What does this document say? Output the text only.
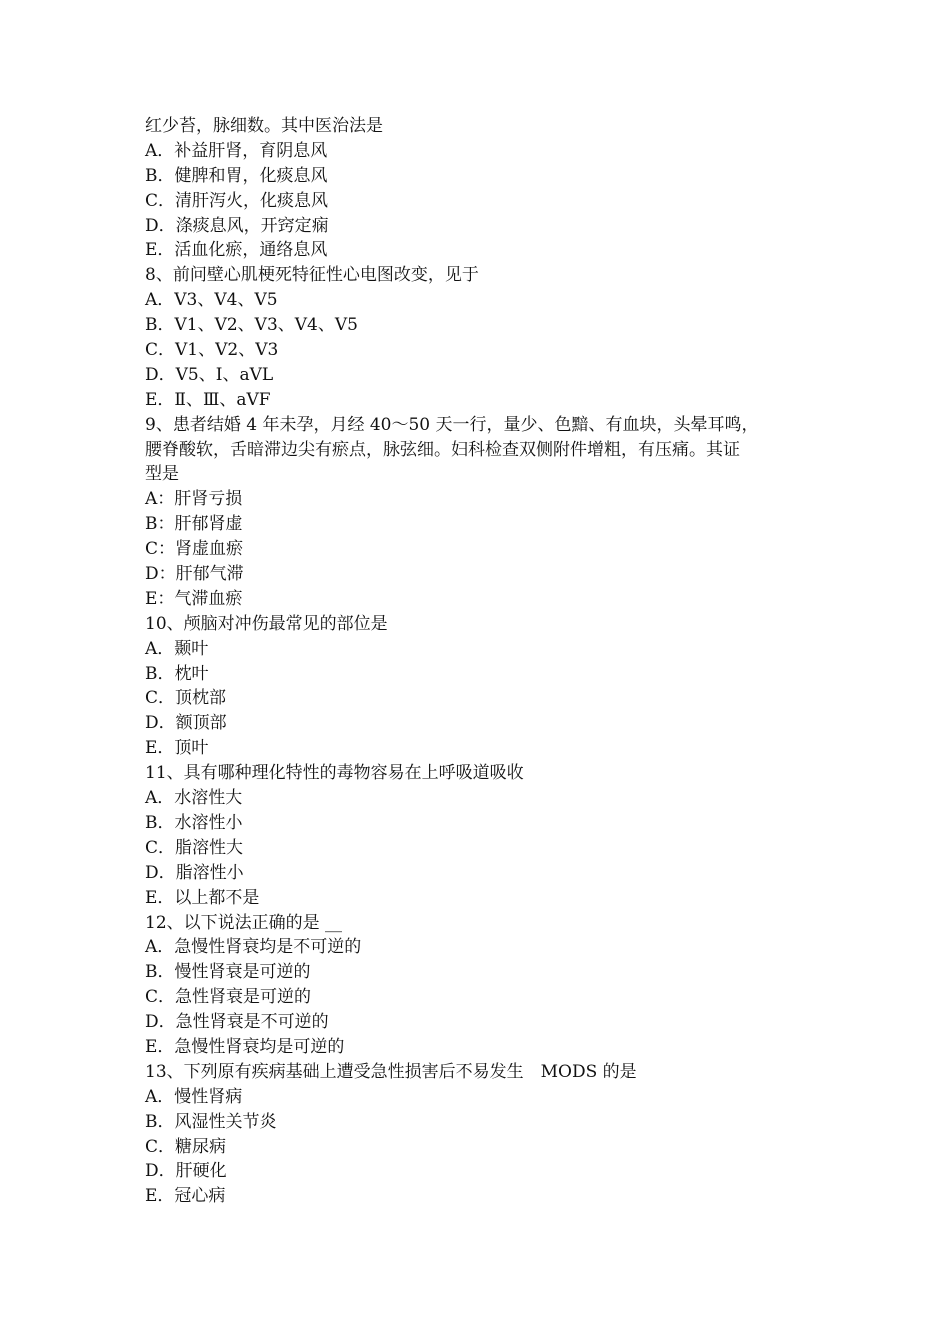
红少苔，脉细数。其中医治法是
A．补益肝肾，育阴息风
B．健脾和胃，化痰息风
C．清肝泻火，化痰息风
D．涤痰息风，开窍定痫
E．活血化瘀，通络息风
8、前问壁心肌梗死特征性心电图改变，见于
A．Ⅴ3、Ⅴ4、Ⅴ5
B．Ⅴ1、Ⅴ2、Ⅴ3、Ⅴ4、Ⅴ5
C．Ⅴ1、Ⅴ2、Ⅴ3
D．Ⅴ5、Ⅰ、aⅤL
E．Ⅱ、Ⅲ、aⅤF
9、患者结婚 4 年未孕，月经 40～50 天一行，量少、色黯、有血块，头晕耳鸣，
腰脊酸软，舌暗滞边尖有瘀点，脉弦细。妇科检查双侧附件增粗，有压痛。其证
型是
A：肝肾亏损
B：肝郁肾虚
C：肾虚血瘀
D：肝郁气滞
E：气滞血瘀
10、颅脑对冲伤最常见的部位是
A．颞叶
B．枕叶
C．顶枕部
D．额顶部
E．顶叶
11、具有哪种理化特性的毒物容易在上呼吸道吸收
A．水溶性大
B．水溶性小
C．脂溶性大
D．脂溶性小
E．以上都不是
12、以下说法正确的是 __
A．急慢性肾衰均是不可逆的
B．慢性肾衰是可逆的
C．急性肾衰是可逆的
D．急性肾衰是不可逆的
E．急慢性肾衰均是可逆的
13、下列原有疾病基础上遭受急性损害后不易发生　MODS 的是
A．慢性肾病
B．风湿性关节炎
C．糖尿病
D．肝硬化
E．冠心病
